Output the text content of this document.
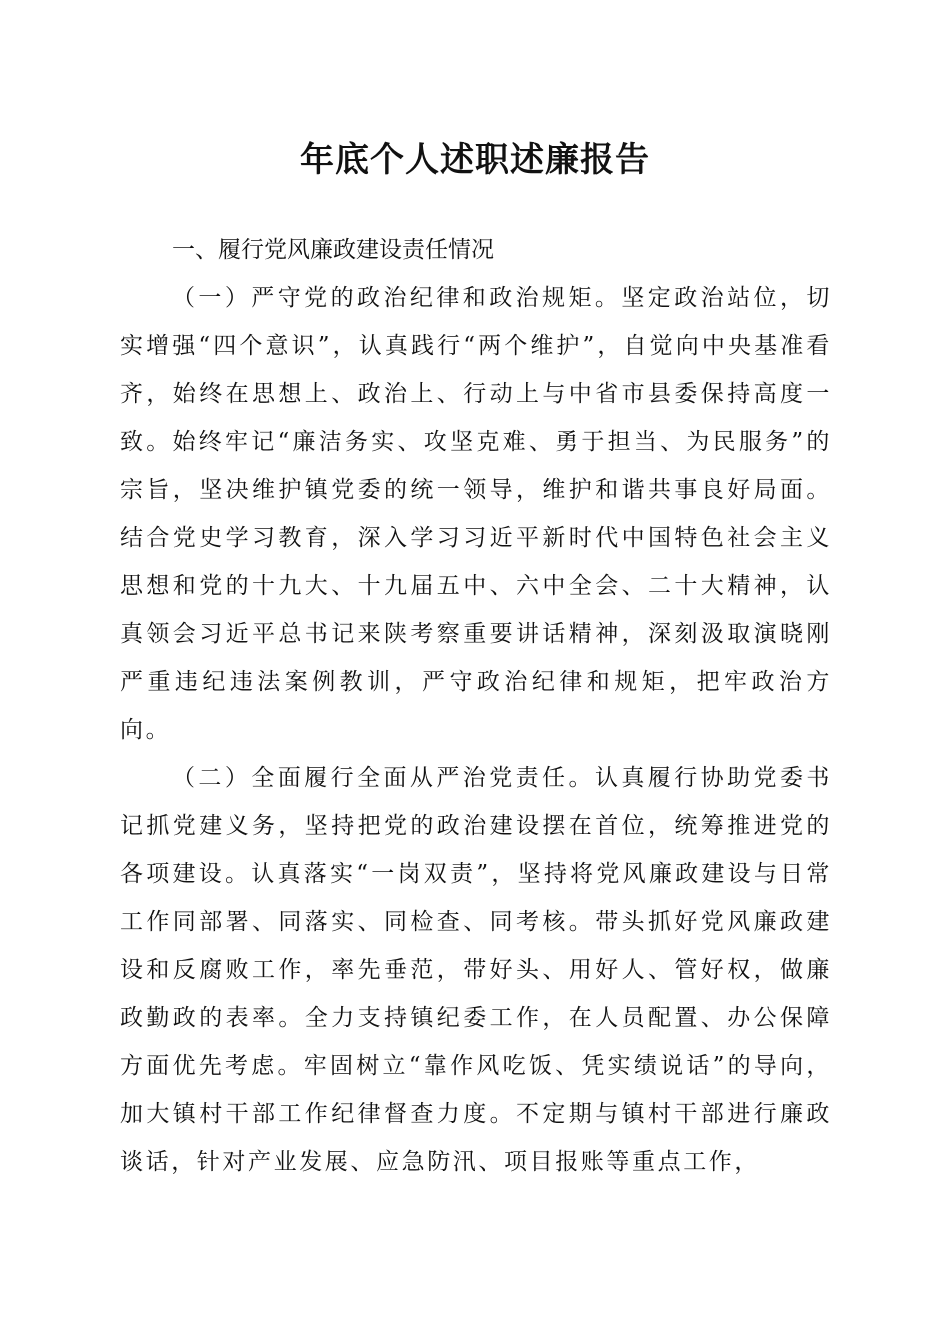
年底个人述职述廉报告

一、履行党风廉政建设责任情况

（一）严守党的政治纪律和政治规矩。坚定政治站位，切实增强“四个意识”，认真践行“两个维护”，自觉向中央基准看齐，始终在思想上、政治上、行动上与中省市县委保持高度一致。始终牢记“廉洁务实、攻坚克难、勇于担当、为民服务”的宗旨，坚决维护镇党委的统一领导，维护和谐共事良好局面。结合党史学习教育，深入学习习近平新时代中国特色社会主义思想和党的十九大、十九届五中、六中全会、二十大精神，认真领会习近平总书记来陕考察重要讲话精神，深刻汲取演晓刚严重违纪违法案例教训，严守政治纪律和规矩，把牢政治方向。

（二）全面履行全面从严治党责任。认真履行协助党委书记抓党建义务，坚持把党的政治建设摆在首位，统筹推进党的各项建设。认真落实“一岗双责”，坚持将党风廉政建设与日常工作同部署、同落实、同检查、同考核。带头抓好党风廉政建设和反腐败工作，率先垂范，带好头、用好人、管好权，做廉政勤政的表率。全力支持镇纪委工作，在人员配置、办公保障方面优先考虑。牢固树立“靠作风吃饭、凭实绩说话”的导向，加大镇村干部工作纪律督查力度。不定期与镇村干部进行廉政谈话，针对产业发展、应急防汛、项目报账等重点工作，
